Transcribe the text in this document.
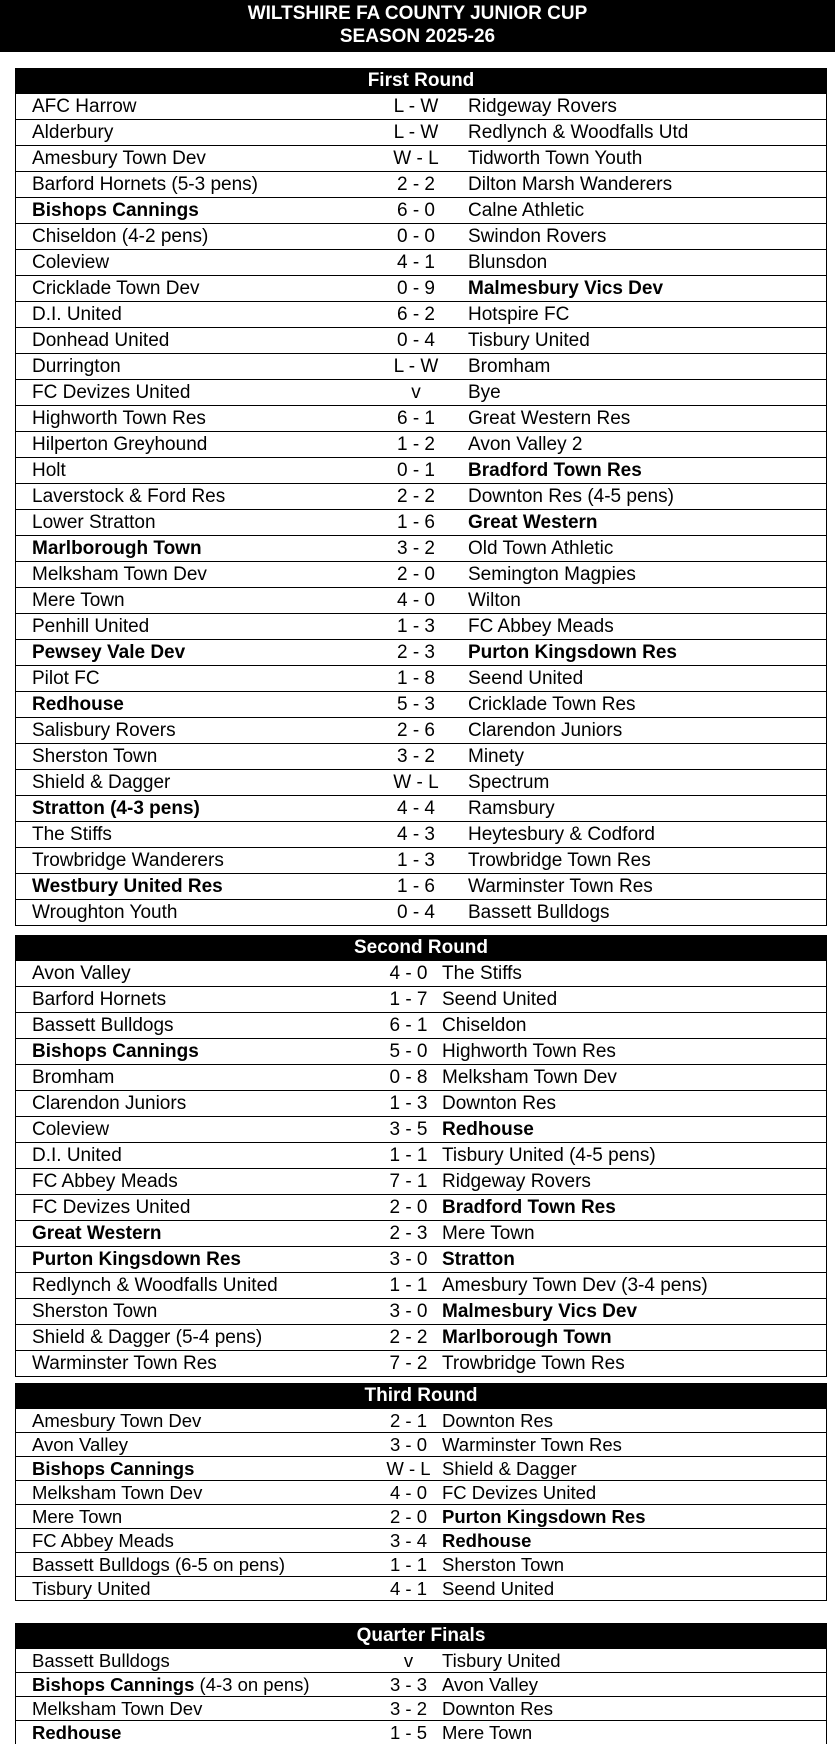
WILTSHIRE FA COUNTY JUNIOR CUP
SEASON 2025-26
First Round
AFC Harrow	L - W	Ridgeway Rovers
Alderbury	L - W	Redlynch & Woodfalls Utd
Amesbury Town Dev	W - L	Tidworth Town Youth
Barford Hornets (5-3 pens)	2 - 2	Dilton Marsh Wanderers
Bishops Cannings	6 - 0	Calne Athletic
Chiseldon (4-2 pens)	0 - 0	Swindon Rovers
Coleview	4 - 1	Blunsdon
Cricklade Town Dev	0 - 9	Malmesbury Vics Dev
D.I. United	6 - 2	Hotspire FC
Donhead United	0 - 4	Tisbury United
Durrington	L - W	Bromham
FC Devizes United	v	Bye
Highworth Town Res	6 - 1	Great Western Res
Hilperton Greyhound	1 - 2	Avon Valley 2
Holt	0 - 1	Bradford Town Res
Laverstock & Ford Res	2 - 2	Downton Res (4-5 pens)
Lower Stratton	1 - 6	Great Western
Marlborough Town	3 - 2	Old Town Athletic
Melksham Town Dev	2 - 0	Semington Magpies
Mere Town	4 - 0	Wilton
Penhill United	1 - 3	FC Abbey Meads
Pewsey Vale Dev	2 - 3	Purton Kingsdown Res
Pilot FC	1 - 8	Seend United
Redhouse	5 - 3	Cricklade Town Res
Salisbury Rovers	2 - 6	Clarendon Juniors
Sherston Town	3 - 2	Minety
Shield & Dagger	W - L	Spectrum
Stratton (4-3 pens)	4 - 4	Ramsbury
The Stiffs	4 - 3	Heytesbury & Codford
Trowbridge Wanderers	1 - 3	Trowbridge Town Res
Westbury United Res	1 - 6	Warminster Town Res
Wroughton Youth	0 - 4	Bassett Bulldogs
Second Round
Avon Valley	4 - 0 The Stiffs
Barford Hornets	1 - 7 Seend United
Bassett Bulldogs	6 - 1 Chiseldon
Bishops Cannings	5 - 0 Highworth Town Res
Bromham	0 - 8 Melksham Town Dev
Clarendon Juniors	1 - 3 Downton Res
Coleview	3 - 5 Redhouse
D.I. United	1 - 1 Tisbury United (4-5 pens)
FC Abbey Meads	7 - 1 Ridgeway Rovers
FC Devizes United	2 - 0 Bradford Town Res
Great Western	2 - 3 Mere Town
Purton Kingsdown Res	3 - 0 Stratton
Redlynch & Woodfalls United	1 - 1 Amesbury Town Dev (3-4 pens)
Sherston Town	3 - 0 Malmesbury Vics Dev
Shield & Dagger (5-4 pens)	2 - 2 Marlborough Town
Warminster Town Res	7 - 2 Trowbridge Town Res
Third Round
Amesbury Town Dev	2 - 1 Downton Res
Avon Valley	3 - 0 Warminster Town Res
Bishops Cannings	W - L Shield & Dagger
Melksham Town Dev	4 - 0 FC Devizes United
Mere Town	2 - 0 Purton Kingsdown Res
FC Abbey Meads	3 - 4 Redhouse
Bassett Bulldogs (6-5 on pens)	1 - 1 Sherston Town
Tisbury United	4 - 1 Seend United
Quarter Finals
Bassett Bulldogs	v	Tisbury United
Bishops Cannings (4-3 on pens)	3 - 3 Avon Valley
Melksham Town Dev	3 - 2 Downton Res
Redhouse	1 - 5 Mere Town
